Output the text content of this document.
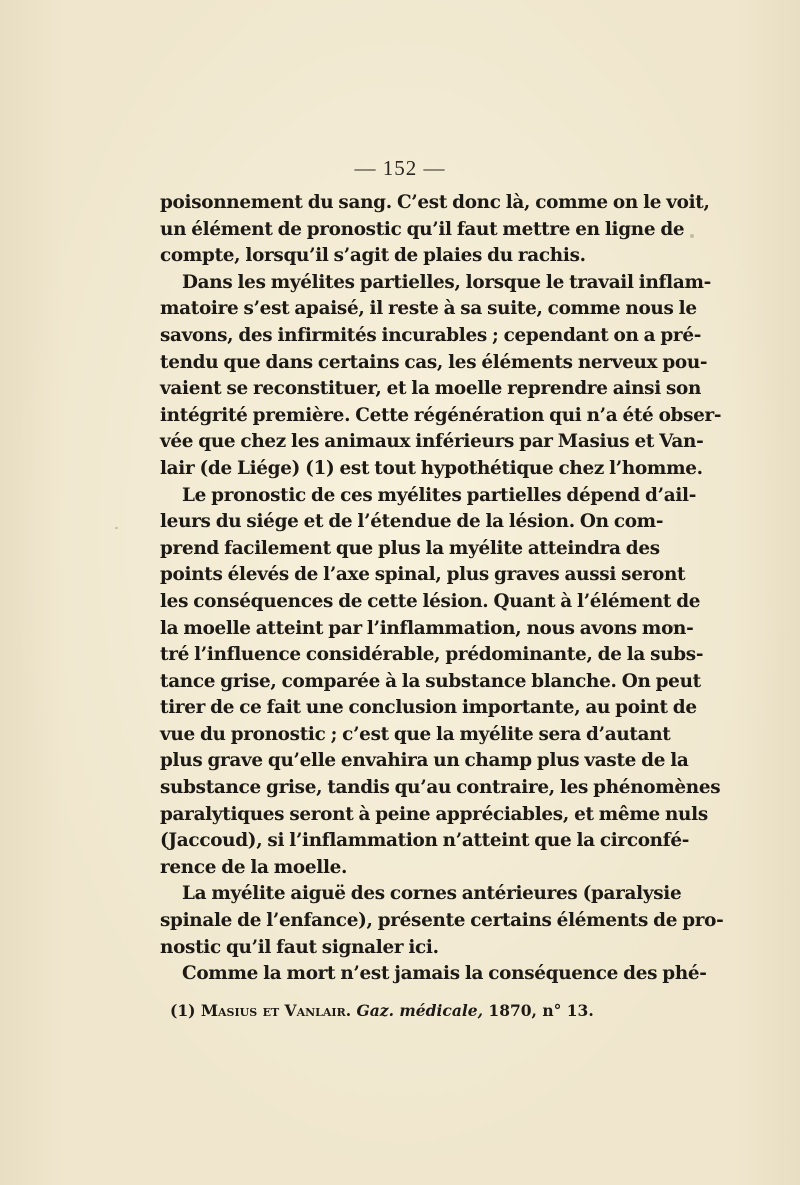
— 152 —
poisonnement du sang. C’est donc là, comme on le voit,
un élément de pronostic qu’il faut mettre en ligne de
compte, lorsqu’il s’agit de plaies du rachis.
Dans les myélites partielles, lorsque le travail inflam-
matoire s’est apaisé, il reste à sa suite, comme nous le
savons, des infirmités incurables ; cependant on a pré-
tendu que dans certains cas, les éléments nerveux pou-
vaient se reconstituer, et la moelle reprendre ainsi son
intégrité première. Cette régénération qui n’a été obser-
vée que chez les animaux inférieurs par Masius et Van-
lair (de Liége) (1) est tout hypothétique chez l’homme.
Le pronostic de ces myélites partielles dépend d’ail-
leurs du siége et de l’étendue de la lésion. On com-
prend facilement que plus la myélite atteindra des
points élevés de l’axe spinal, plus graves aussi seront
les conséquences de cette lésion. Quant à l’élément de
la moelle atteint par l’inflammation, nous avons mon-
tré l’influence considérable, prédominante, de la subs-
tance grise, comparée à la substance blanche. On peut
tirer de ce fait une conclusion importante, au point de
vue du pronostic ; c’est que la myélite sera d’autant
plus grave qu’elle envahira un champ plus vaste de la
substance grise, tandis qu’au contraire, les phénomènes
paralytiques seront à peine appréciables, et même nuls
(Jaccoud), si l’inflammation n’atteint que la circonfé-
rence de la moelle.
La myélite aiguë des cornes antérieures (paralysie
spinale de l’enfance), présente certains éléments de pro-
nostic qu’il faut signaler ici.
Comme la mort n’est jamais la conséquence des phé-
(1) Masius et Vanlair. Gaz. médicale, 1870, n° 13.
